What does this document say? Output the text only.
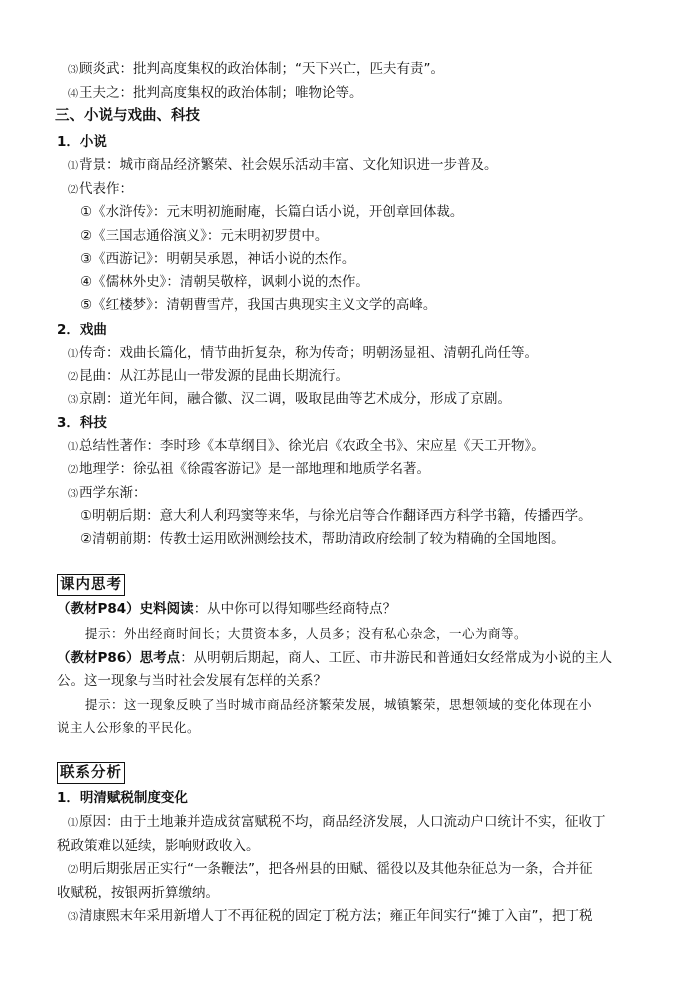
⑶顾炎武：批判高度集权的政治体制；“天下兴亡，匹夫有责”。
⑷王夫之：批判高度集权的政治体制；唯物论等。
三、小说与戏曲、科技
1．小说
⑴背景：城市商品经济繁荣、社会娱乐活动丰富、文化知识进一步普及。
⑵代表作：
①《水浒传》：元末明初施耐庵，长篇白话小说，开创章回体裁。
②《三国志通俗演义》：元末明初罗贯中。
③《西游记》：明朝吴承恩，神话小说的杰作。
④《儒林外史》：清朝吴敬梓，讽刺小说的杰作。
⑤《红楼梦》：清朝曹雪芹，我国古典现实主义文学的高峰。
2．戏曲
⑴传奇：戏曲长篇化，情节曲折复杂，称为传奇；明朝汤显祖、清朝孔尚任等。
⑵昆曲：从江苏昆山一带发源的昆曲长期流行。
⑶京剧：道光年间，融合徽、汉二调，吸取昆曲等艺术成分，形成了京剧。
3．科技
⑴总结性著作：李时珍《本草纲目》、徐光启《农政全书》、宋应星《天工开物》。
⑵地理学：徐弘祖《徐霞客游记》是一部地理和地质学名著。
⑶西学东渐：
①明朝后期：意大利人利玛窦等来华，与徐光启等合作翻译西方科学书籍，传播西学。
②清朝前期：传教士运用欧洲测绘技术，帮助清政府绘制了较为精确的全国地图。
课内思考
（教材P84）史料阅读：从中你可以得知哪些经商特点？
提示：外出经商时间长；大贯资本多，人员多；没有私心杂念，一心为商等。
（教材P86）思考点：从明朝后期起，商人、工匠、市井游民和普通妇女经常成为小说的主人
公。这一现象与当时社会发展有怎样的关系？
提示：这一现象反映了当时城市商品经济繁荣发展，城镇繁荣，思想领域的变化体现在小
说主人公形象的平民化。
联系分析
1．明清赋税制度变化
⑴原因：由于土地兼并造成贫富赋税不均，商品经济发展，人口流动户口统计不实，征收丁
税政策难以延续，影响财政收入。
⑵明后期张居正实行“一条鞭法”，把各州县的田赋、徭役以及其他杂征总为一条，合并征
收赋税，按银两折算缴纳。
⑶清康熙末年采用新增人丁不再征税的固定丁税方法；雍正年间实行“摊丁入亩”，把丁税
